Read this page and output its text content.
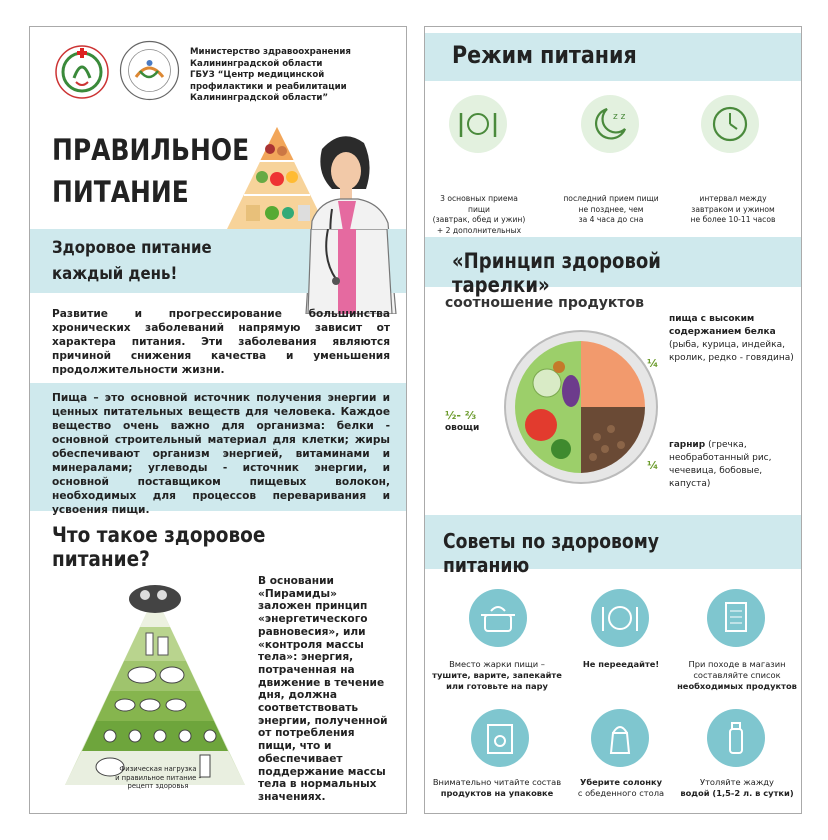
Министерство здравоохранения
Калининградской области
ГБУЗ “Центр медицинской
профилактики и реабилитации
Калининградской области”
ПРАВИЛЬНОЕ
ПИТАНИЕ
Здоровое питание
каждый день!
Развитие и прогрессирование большинства хронических заболеваний напрямую зависит от характера питания. Эти заболевания являются причиной снижения качества и уменьшения продолжительности жизни.
Пища – это основной источник получения энергии и ценных питательных веществ для человека. Каждое вещество очень важно для организма: белки - основной строительный материал для клетки; жиры обеспечивают организм энергией, витаминами и минералами; углеводы - источник энергии, и основной поставщиком пищевых волокон, необходимых для процессов переваривания и усвоения пищи.
Что такое здоровое питание?
Физическая нагрузка
и правильное питание -
рецепт здоровья
В основании «Пирамиды» заложен принцип «энергетического равновесия», или «контроля массы тела»: энергия, потраченная на движение в течение дня, должна соответствовать энергии, полученной от потребления пищи, что и обеспечивает поддержание массы тела в нормальных значениях.
Режим питания
z z
3 основных приема пищи
(завтрак, обед и ужин)
+ 2 дополнительных
последний прием пищи
не позднее, чем
за 4 часа до сна
интервал между
завтраком и ужином
не более 10-11 часов
«Принцип здоровой тарелки»
соотношение продуктов
½- ⅔
овощи
¼
пища с высоким
содержанием белка
(рыба, курица, индейка,
кролик, редко - говядина)
¼
гарнир (гречка,
необработанный рис,
чечевица, бобовые,
капуста)
Советы по здоровому питанию
Вместо жарки пищи –
тушите, варите, запекайте
или готовьте на пару
Не переедайте!	При походе в магазин
составляйте список
необходимых продуктов
Внимательно читайте состав
продуктов на упаковке
Уберите солонку
с обеденного стола
Утоляйте жажду
водой (1,5-2 л. в сутки)
